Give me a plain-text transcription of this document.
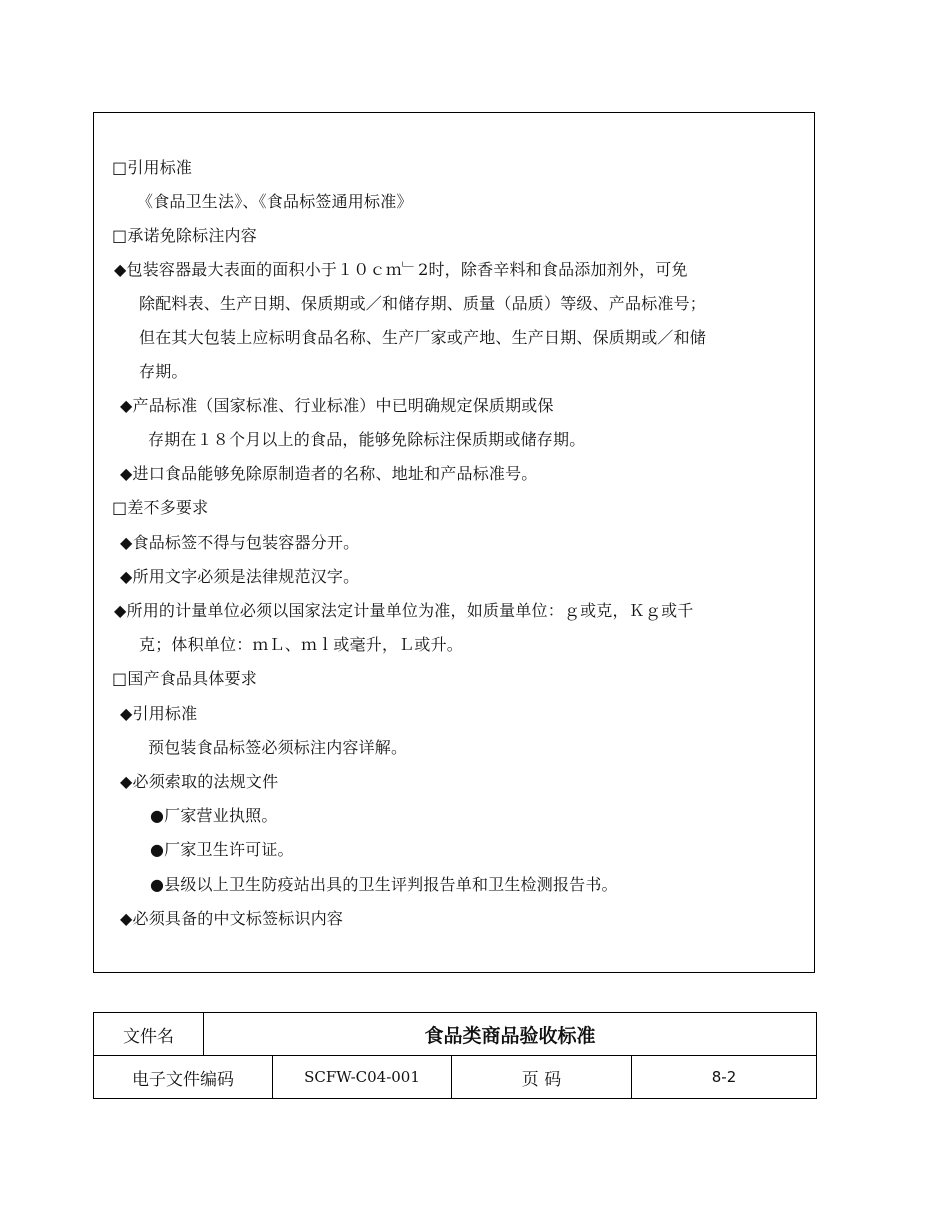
□引用标准
《食品卫生法》、《食品标签通用标准》
□承诺免除标注内容
◆包装容器最大表面的面积小于１０ｃｍ﹂2时，除香辛料和食品添加剂外，可免
除配料表、生产日期、保质期或／和储存期、质量（品质）等级、产品标准号；
但在其大包装上应标明食品名称、生产厂家或产地、生产日期、保质期或／和储
存期。
◆产品标准（国家标准、行业标准）中已明确规定保质期或保
存期在１８个月以上的食品，能够免除标注保质期或储存期。
◆进口食品能够免除原制造者的名称、地址和产品标准号。
□差不多要求
◆食品标签不得与包装容器分开。
◆所用文字必须是法律规范汉字。
◆所用的计量单位必须以国家法定计量单位为准，如质量单位：ｇ或克，Ｋｇ或千
克；体积单位：ｍＬ、ｍｌ或毫升，Ｌ或升。
□国产食品具体要求
◆引用标准
预包装食品标签必须标注内容详解。
◆必须索取的法规文件
●厂家营业执照。
●厂家卫生许可证。
●县级以上卫生防疫站出具的卫生评判报告单和卫生检测报告书。
◆必须具备的中文标签标识内容
文件名	食品类商品验收标准			
电子文件编码		SCFW-C04-001	页 码	8-2
